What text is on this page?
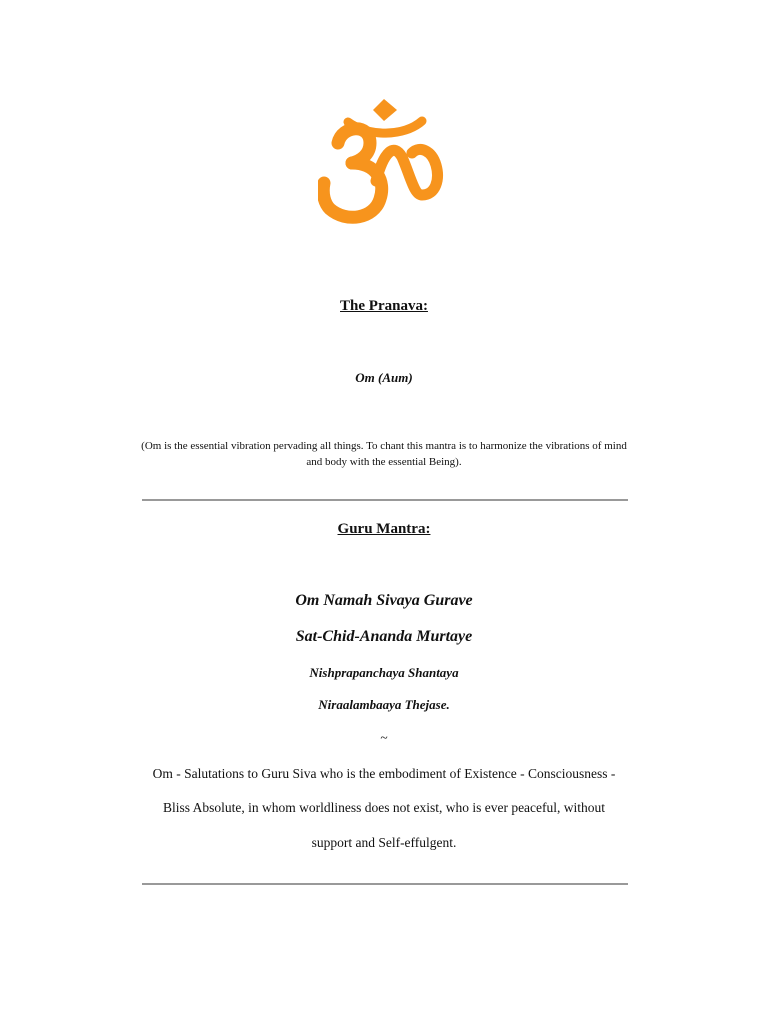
The Pranava:
Om (Aum)
(Om is the essential vibration pervading all things. To chant this mantra is to harmonize the vibrations of mind
and body with the essential Being).
Guru Mantra:
Om Namah Sivaya Gurave
Sat-Chid-Ananda Murtaye
Nishprapanchaya Shantaya
Niraalambaaya Thejase.
~
Om - Salutations to Guru Siva who is the embodiment of Existence - Consciousness -
Bliss Absolute, in whom worldliness does not exist, who is ever peaceful, without
support and Self-effulgent.
